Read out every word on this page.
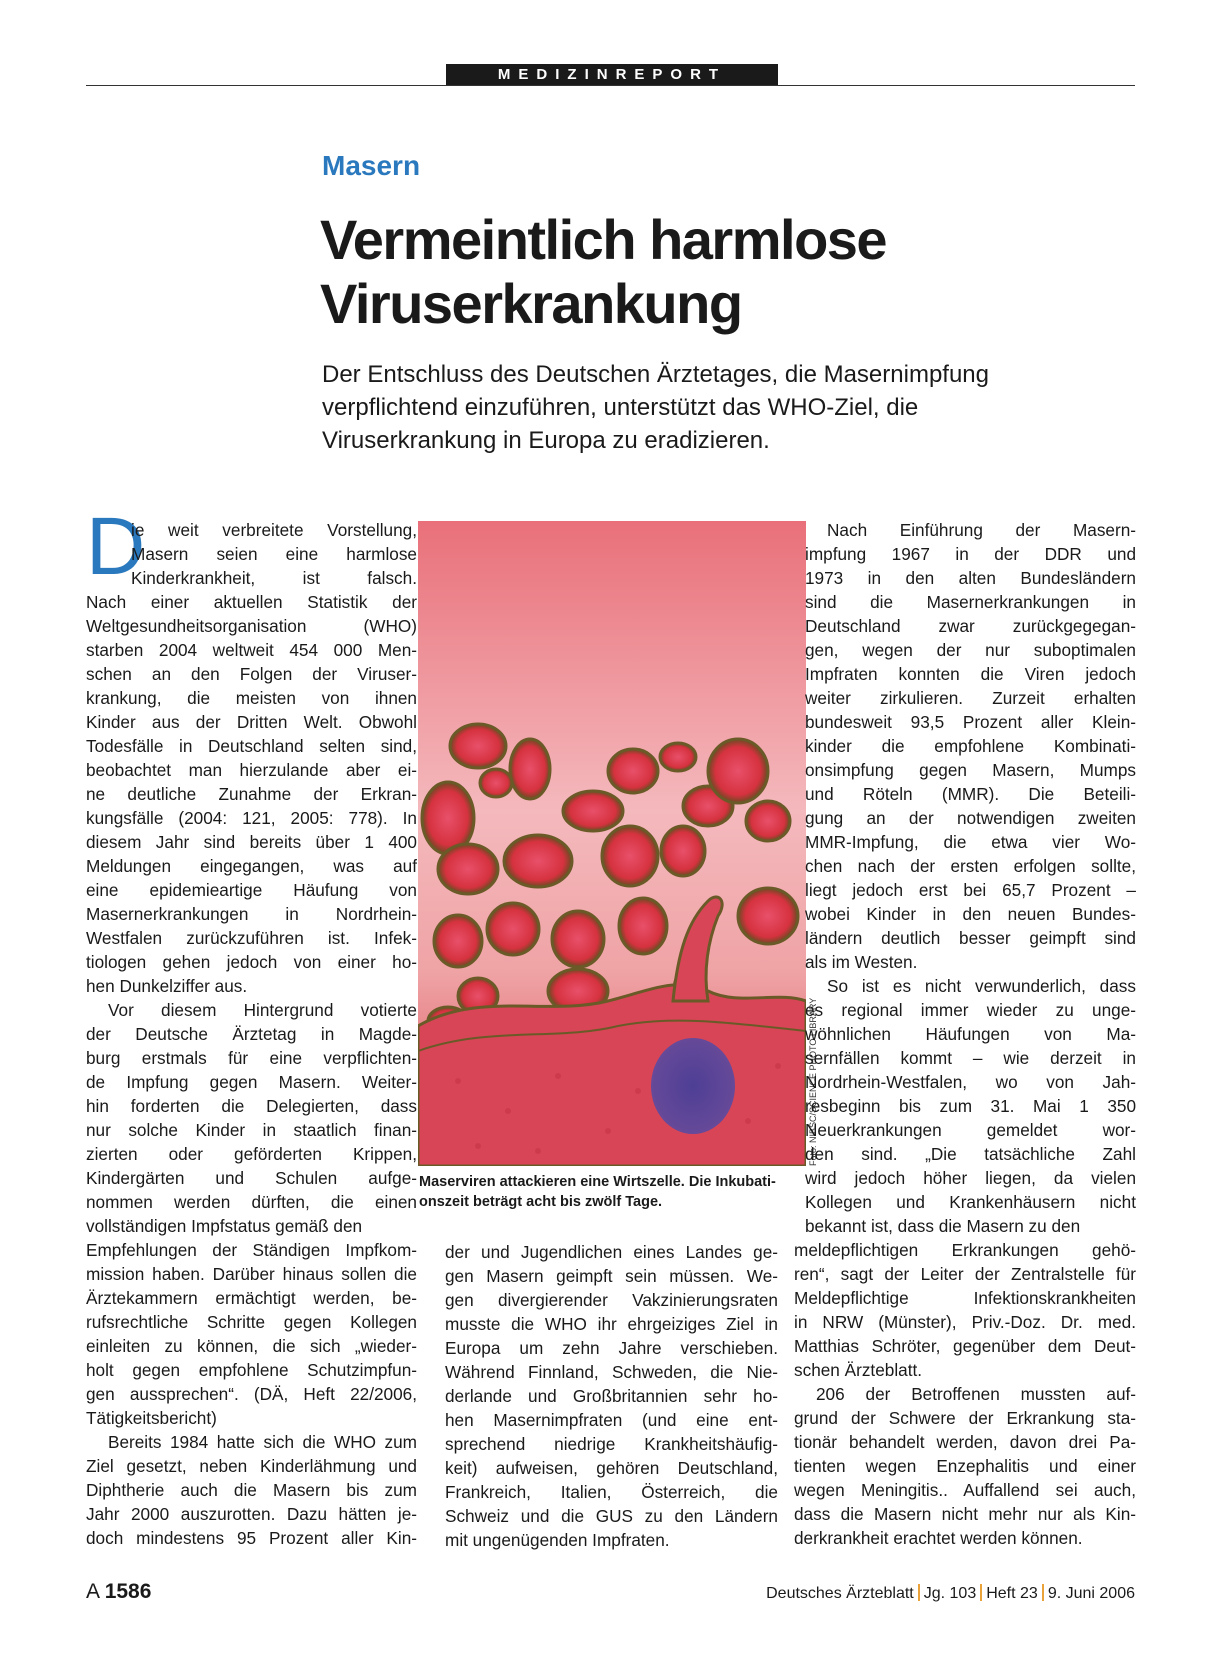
MEDIZINREPORT
Masern
Vermeintlich harmlose
Viruserkrankung
Der Entschluss des Deutschen Ärztetages, die Masernimpfung
verpflichtend einzuführen, unterstützt das WHO-Ziel, die
Viruserkrankung in Europa zu eradizieren.
D
ie weit verbreitete Vorstellung,
Masern seien eine harmlose
Kinderkrankheit, ist falsch.
Nach einer aktuellen Statistik der
Weltgesundheitsorganisation (WHO)
starben 2004 weltweit 454 000 Men-
schen an den Folgen der Viruser-
krankung, die meisten von ihnen
Kinder aus der Dritten Welt. Obwohl
Todesfälle in Deutschland selten sind,
beobachtet man hierzulande aber ei-
ne deutliche Zunahme der Erkran-
kungsfälle (2004: 121, 2005: 778). In
diesem Jahr sind bereits über 1 400
Meldungen eingegangen, was auf
eine epidemieartige Häufung von
Masernerkrankungen in Nordrhein-
Westfalen zurückzuführen ist. Infek-
tiologen gehen jedoch von einer ho-
hen Dunkelziffer aus.
Vor diesem Hintergrund votierte
der Deutsche Ärztetag in Magde-
burg erstmals für eine verpflichten-
de Impfung gegen Masern. Weiter-
hin forderten die Delegierten, dass
nur solche Kinder in staatlich finan-
zierten oder geförderten Krippen,
Kindergärten und Schulen aufge-
nommen werden dürften, die einen
vollständigen Impfstatus gemäß den
Empfehlungen der Ständigen Impfkom-
mission haben. Darüber hinaus sollen die
Ärztekammern ermächtigt werden, be-
rufsrechtliche Schritte gegen Kollegen
einleiten zu können, die sich „wieder-
holt gegen empfohlene Schutzimpfun-
gen aussprechen“. (DÄ, Heft 22/2006,
Tätigkeitsbericht)
Bereits 1984 hatte sich die WHO zum
Ziel gesetzt, neben Kinderlähmung und
Diphtherie auch die Masern bis zum
Jahr 2000 auszurotten. Dazu hätten je-
doch mindestens 95 Prozent aller Kin-
Foto: NIBSC/SCIENCE PHOTO LIBRARY
Maserviren attackieren eine Wirtszelle. Die Inkubati-
onszeit beträgt acht bis zwölf Tage.
der und Jugendlichen eines Landes ge-
gen Masern geimpft sein müssen. We-
gen divergierender Vakzinierungsraten
musste die WHO ihr ehrgeiziges Ziel in
Europa um zehn Jahre verschieben.
Während Finnland, Schweden, die Nie-
derlande und Großbritannien sehr ho-
hen Masernimpfraten (und eine ent-
sprechend niedrige Krankheitshäufig-
keit) aufweisen, gehören Deutschland,
Frankreich, Italien, Österreich, die
Schweiz und die GUS zu den Ländern
mit ungenügenden Impfraten.
Nach Einführung der Masern-
impfung 1967 in der DDR und
1973 in den alten Bundesländern
sind die Masernerkrankungen in
Deutschland zwar zurückgegegan-
gen, wegen der nur suboptimalen
Impfraten konnten die Viren jedoch
weiter zirkulieren. Zurzeit erhalten
bundesweit 93,5 Prozent aller Klein-
kinder die empfohlene Kombinati-
onsimpfung gegen Masern, Mumps
und Röteln (MMR). Die Beteili-
gung an der notwendigen zweiten
MMR-Impfung, die etwa vier Wo-
chen nach der ersten erfolgen sollte,
liegt jedoch erst bei 65,7 Prozent –
wobei Kinder in den neuen Bundes-
ländern deutlich besser geimpft sind
als im Westen.
So ist es nicht verwunderlich, dass
es regional immer wieder zu unge-
wöhnlichen Häufungen von Ma-
sernfällen kommt – wie derzeit in
Nordrhein-Westfalen, wo von Jah-
resbeginn bis zum 31. Mai 1 350
Neuerkrankungen gemeldet wor-
den sind. „Die tatsächliche Zahl
wird jedoch höher liegen, da vielen
Kollegen und Krankenhäusern nicht
bekannt ist, dass die Masern zu den
meldepflichtigen Erkrankungen gehö-
ren“, sagt der Leiter der Zentralstelle für
Meldepflichtige Infektionskrankheiten
in NRW (Münster), Priv.-Doz. Dr. med.
Matthias Schröter, gegenüber dem Deut-
schen Ärzteblatt.
206 der Betroffenen mussten auf-
grund der Schwere der Erkrankung sta-
tionär behandelt werden, davon drei Pa-
tienten wegen Enzephalitis und einer
wegen Meningitis.. Auffallend sei auch,
dass die Masern nicht mehr nur als Kin-
derkrankheit erachtet werden können.
A 1586	Deutsches Ärzteblatt Jg. 103 Heft 23 9. Juni 2006
